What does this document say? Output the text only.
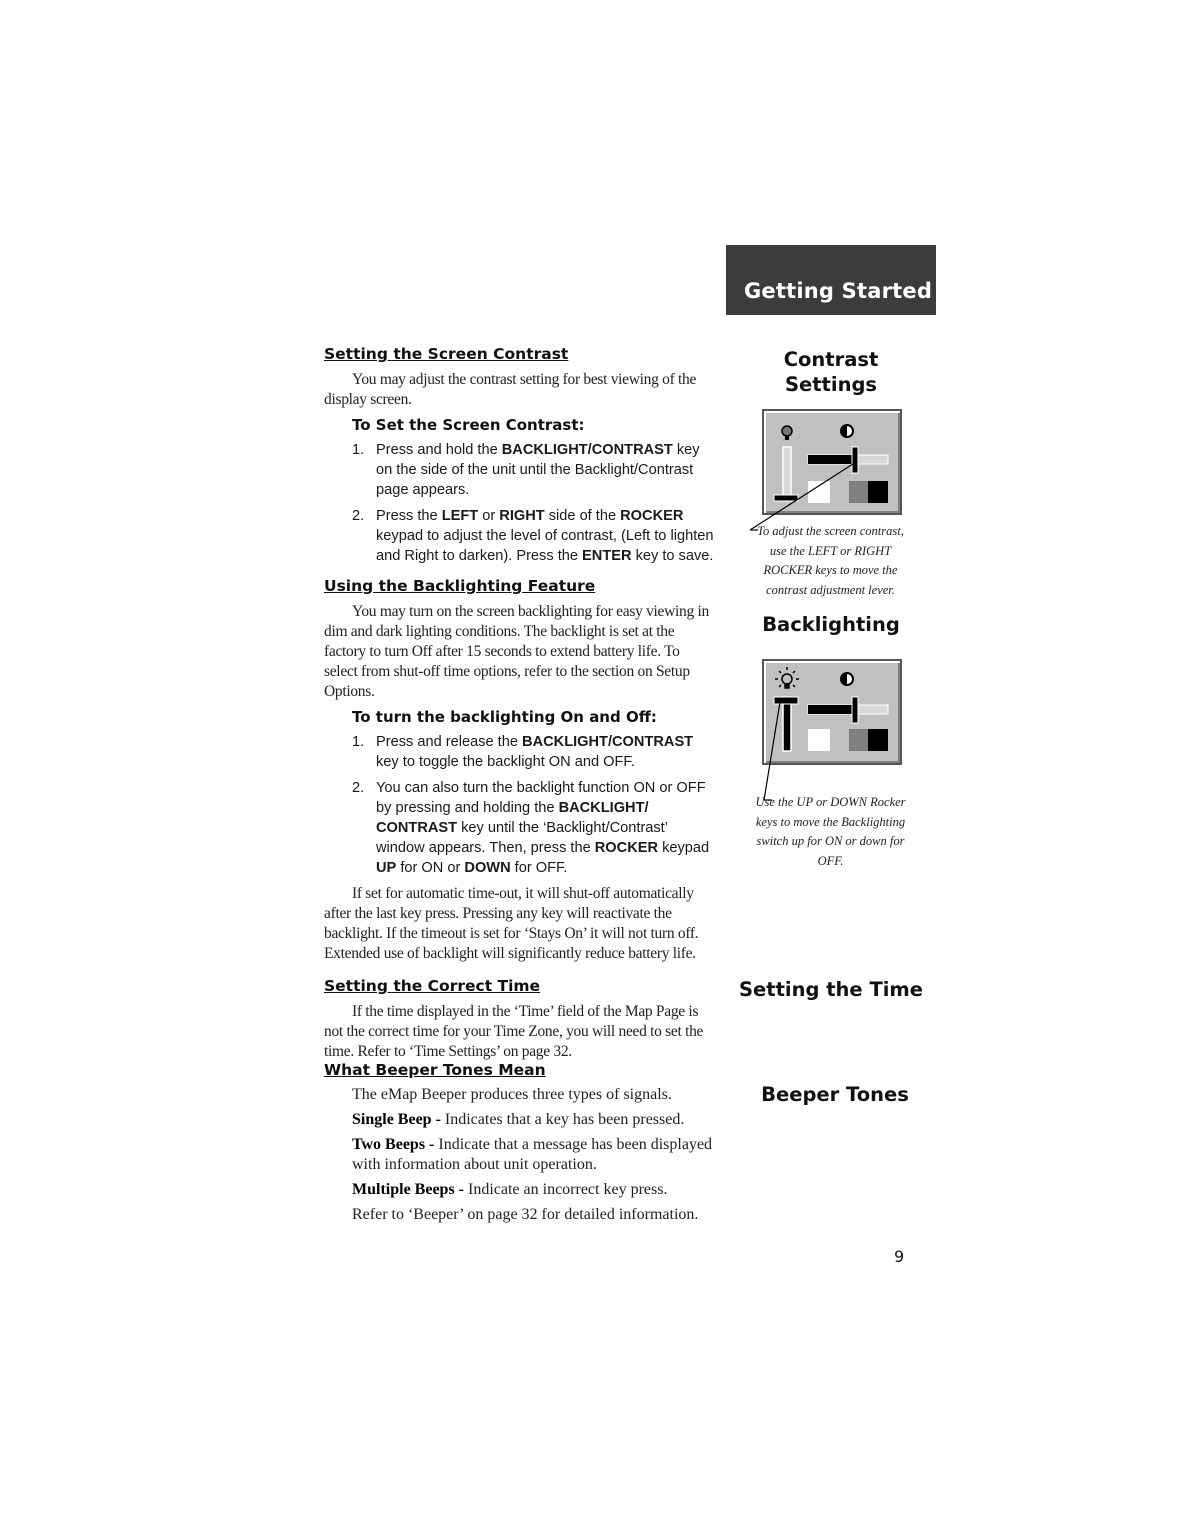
Getting Started
Setting the Screen Contrast

You may adjust the contrast setting for best viewing of the display screen.

To Set the Screen Contrast:
1. Press and hold the BACKLIGHT/CONTRAST key on the side of the unit until the Backlight/Contrast page appears.
2. Press the LEFT or RIGHT side of the ROCKER keypad to adjust the level of contrast, (Left to lighten and Right to darken). Press the ENTER key to save.
Using the Backlighting Feature

You may turn on the screen backlighting for easy viewing in dim and dark lighting conditions. The backlight is set at the factory to turn Off after 15 seconds to extend battery life. To select from shut-off time options, refer to the section on Setup Options.

To turn the backlighting On and Off:
1. Press and release the BACKLIGHT/CONTRAST key to toggle the backlight ON and OFF.
2. You can also turn the backlight function ON or OFF by pressing and holding the BACKLIGHT/ CONTRAST key until the ‘Backlight/Contrast’ window appears. Then, press the ROCKER keypad UP for ON or DOWN for OFF.

If set for automatic time-out, it will shut-off automatically after the last key press. Pressing any key will reactivate the backlight. If the timeout is set for ‘Stays On’ it will not turn off. Extended use of backlight will significantly reduce battery life.

Setting the Correct Time

If the time displayed in the ‘Time’ field of the Map Page is not the correct time for your Time Zone, you will need to set the time. Refer to ‘Time Settings’ on page 32.

What Beeper Tones Mean

The eMap Beeper produces three types of signals.

Single Beep - Indicates that a key has been pressed.

Two Beeps - Indicate that a message has been displayed with information about unit operation.

Multiple Beeps - Indicate an incorrect key press.

Refer to ‘Beeper’ on page 32 for detailed information.

Contrast
Settings
To adjust the screen contrast, use the LEFT or RIGHT ROCKER keys to move the contrast adjustment lever.
Backlighting
Use the UP or DOWN Rocker keys to move the Backlighting switch up for ON or down for OFF.
Setting the Time
Beeper Tones
9
